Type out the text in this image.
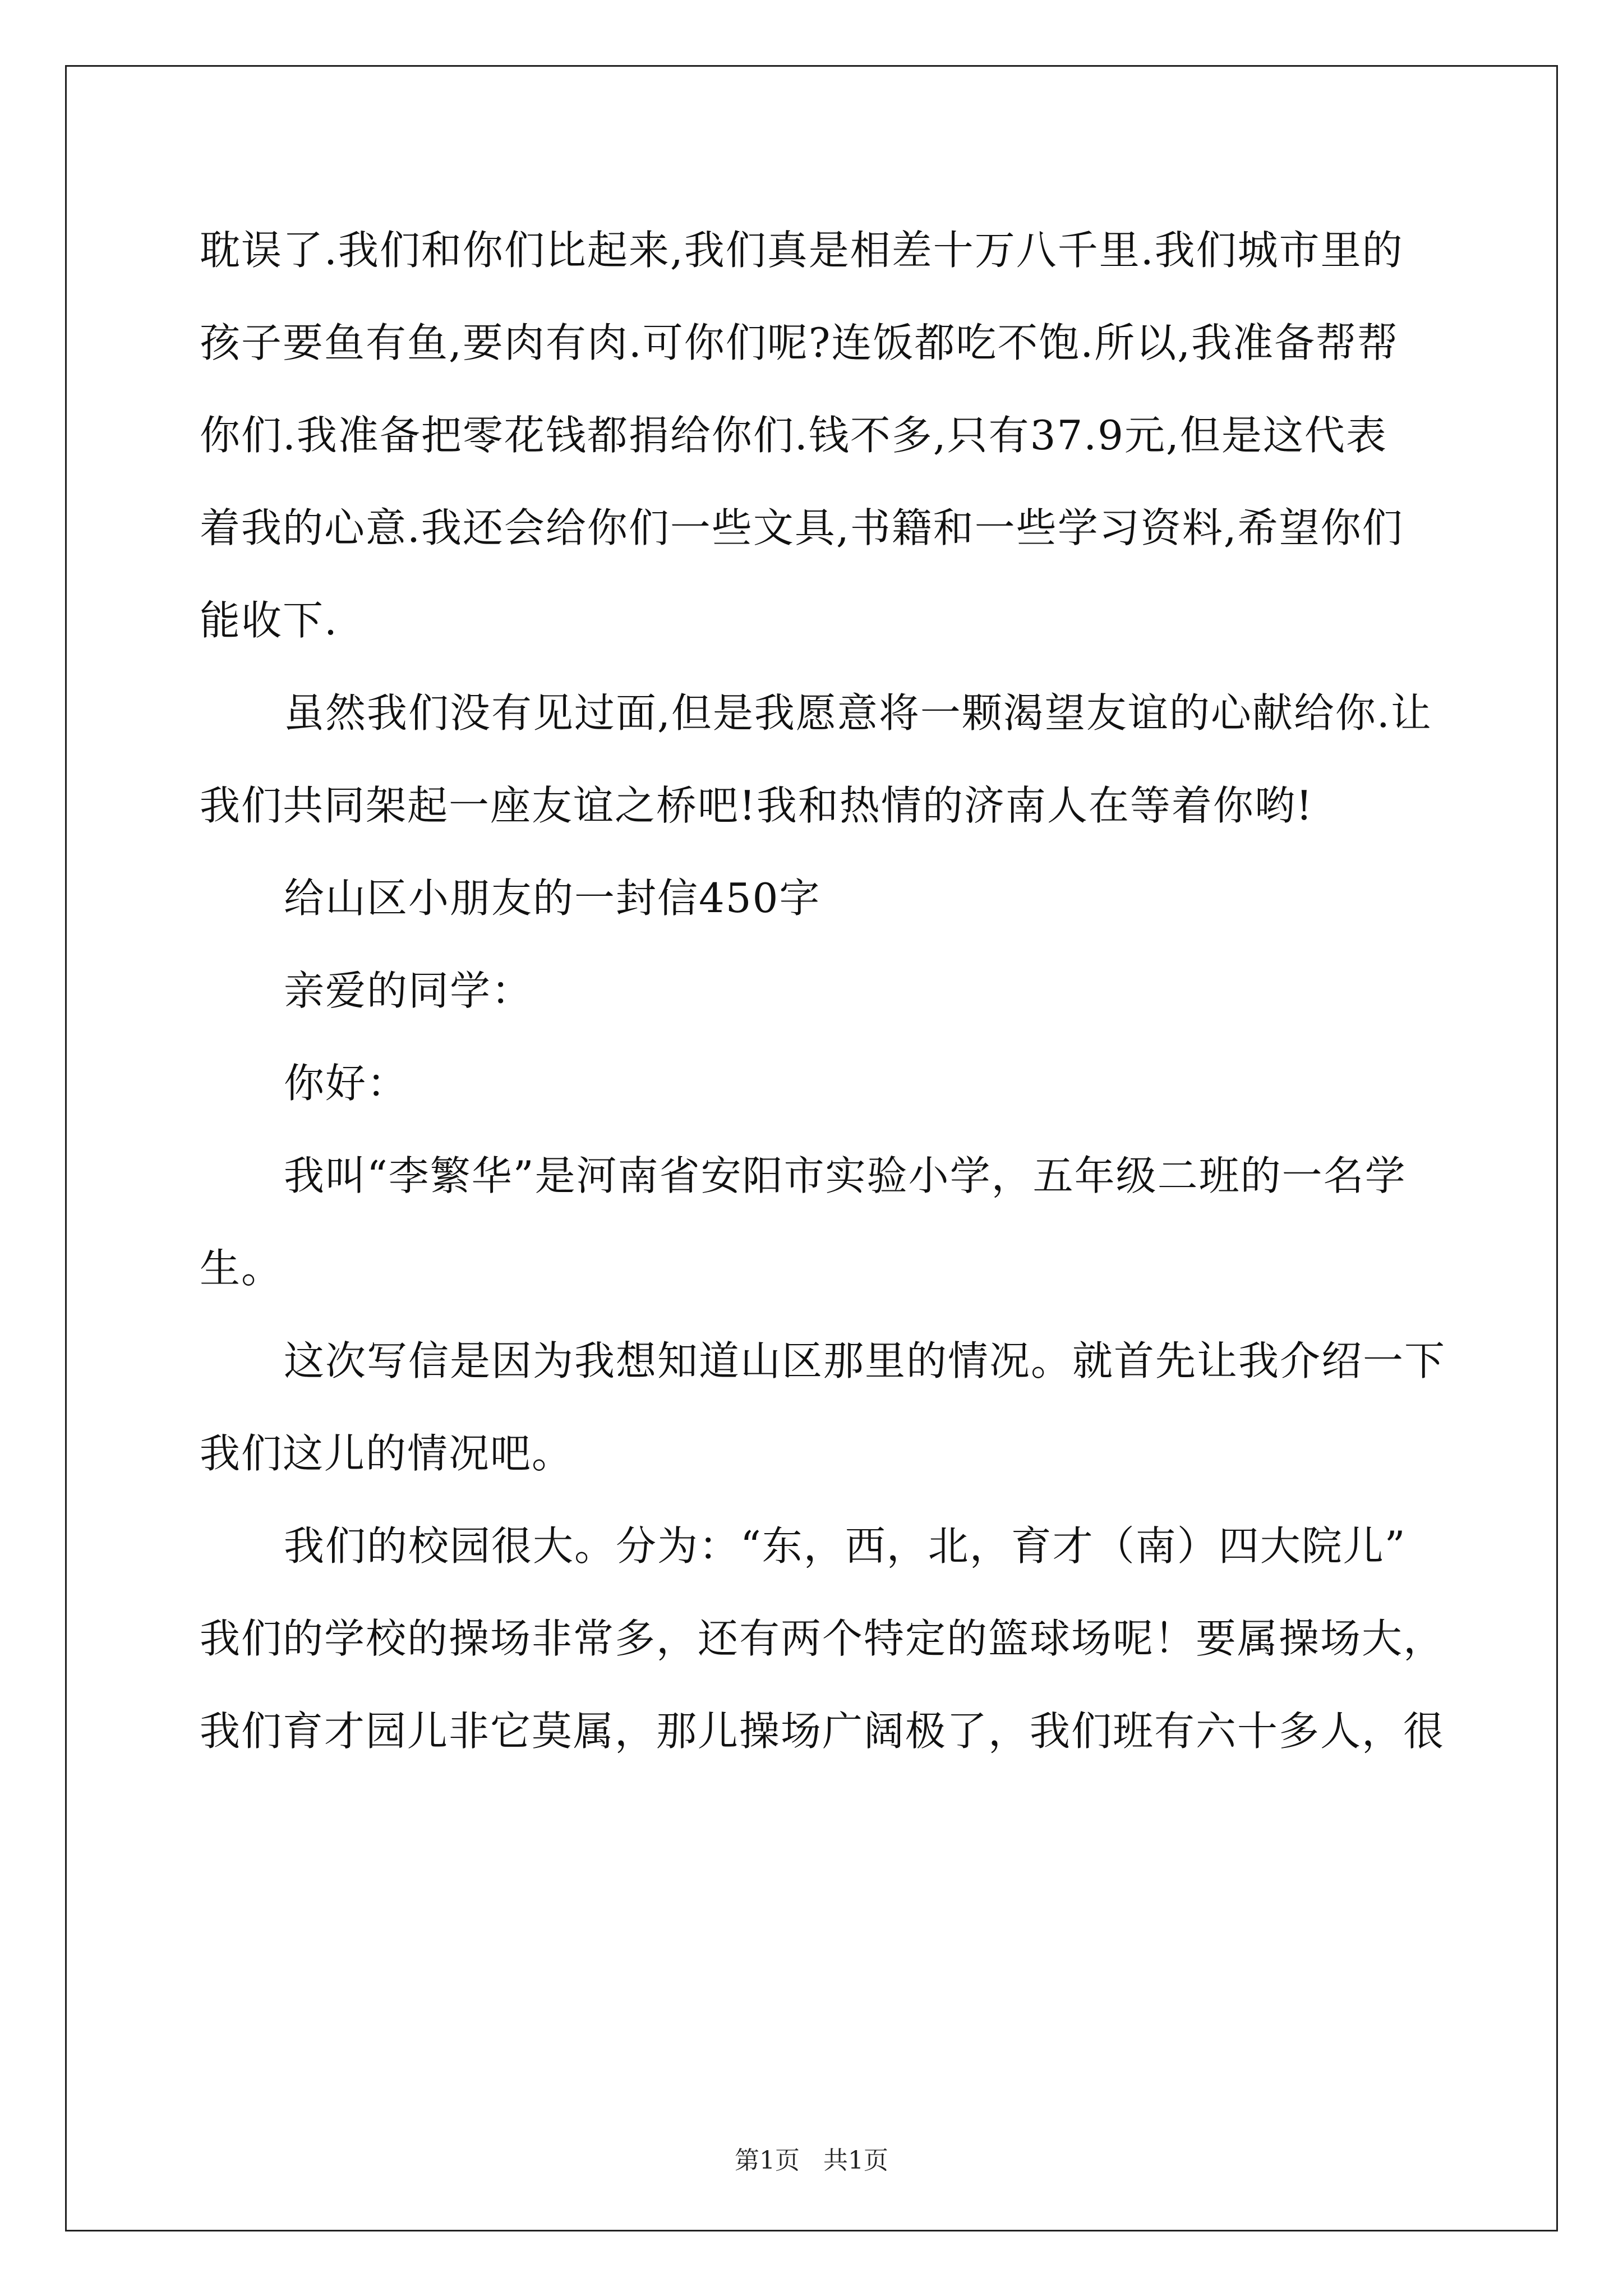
耽误了.我们和你们比起来,我们真是相差十万八千里.我们城市里的
孩子要鱼有鱼,要肉有肉.可你们呢?连饭都吃不饱.所以,我准备帮帮
你们.我准备把零花钱都捐给你们.钱不多,只有37.9元,但是这代表
着我的心意.我还会给你们一些文具,书籍和一些学习资料,希望你们
能收下.
虽然我们没有见过面,但是我愿意将一颗渴望友谊的心献给你.让
我们共同架起一座友谊之桥吧!我和热情的济南人在等着你哟!
给山区小朋友的一封信450字
亲爱的同学：
你好：
我叫“李繁华”是河南省安阳市实验小学，五年级二班的一名学
生。
这次写信是因为我想知道山区那里的情况。就首先让我介绍一下
我们这儿的情况吧。
我们的校园很大。分为：“东，西，北，育才（南）四大院儿”
我们的学校的操场非常多，还有两个特定的篮球场呢！要属操场大，
我们育才园儿非它莫属，那儿操场广阔极了，我们班有六十多人，很
第1页 共1页
